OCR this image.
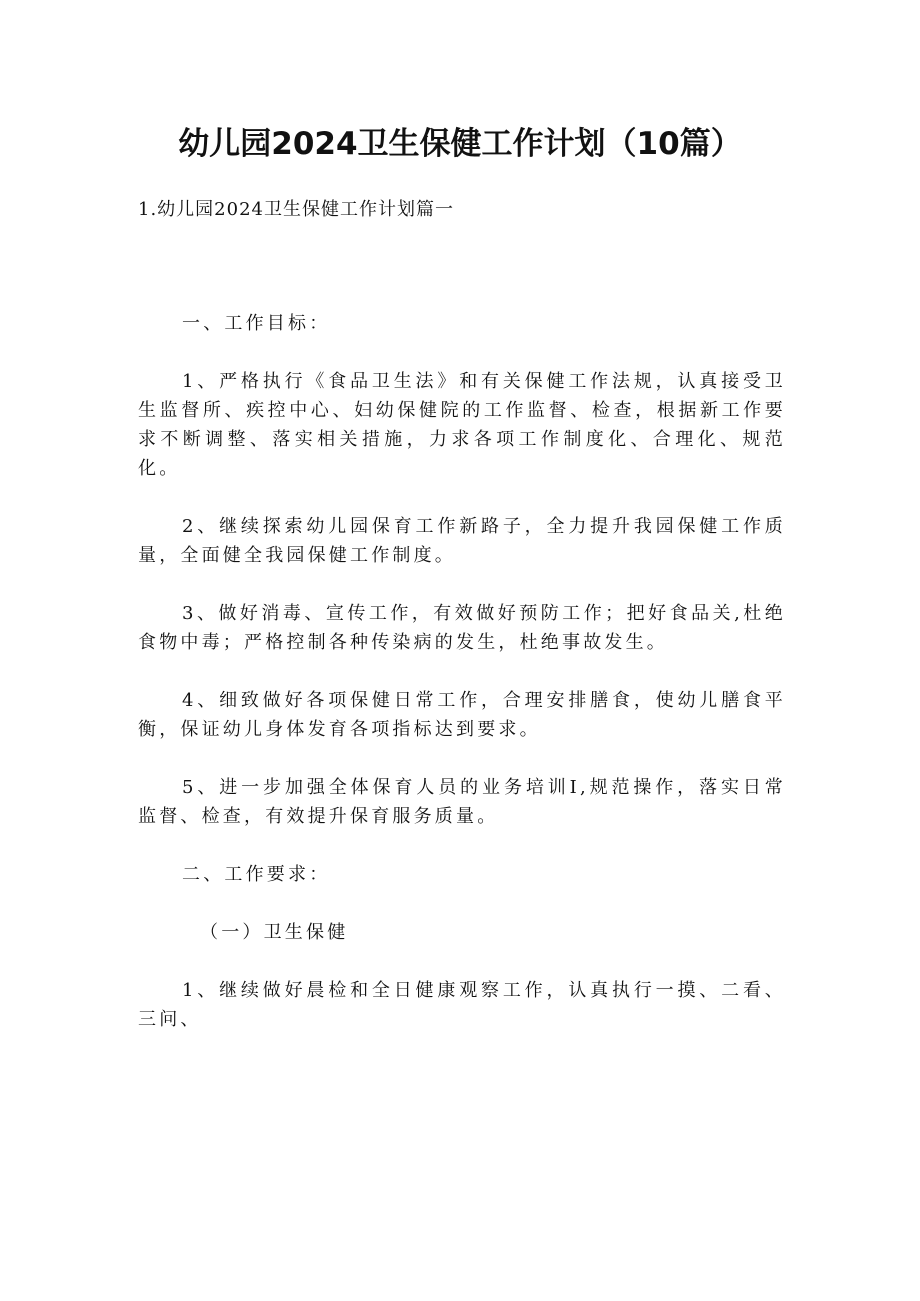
幼儿园2024卫生保健工作计划（10篇）
1.幼儿园2024卫生保健工作计划篇一

一、工作目标：

1、严格执行《食品卫生法》和有关保健工作法规，认真接受卫生监督所、疾控中心、妇幼保健院的工作监督、检查，根据新工作要求不断调整、落实相关措施，力求各项工作制度化、合理化、规范化。

2、继续探索幼儿园保育工作新路子，全力提升我园保健工作质量，全面健全我园保健工作制度。

3、做好消毒、宣传工作，有效做好预防工作；把好食品关,杜绝食物中毒；严格控制各种传染病的发生，杜绝事故发生。

4、细致做好各项保健日常工作，合理安排膳食，使幼儿膳食平衡，保证幼儿身体发育各项指标达到要求。

5、进一步加强全体保育人员的业务培训I,规范操作，落实日常监督、检查，有效提升保育服务质量。

二、工作要求：

（一）卫生保健

1、继续做好晨检和全日健康观察工作，认真执行一摸、二看、三问、
